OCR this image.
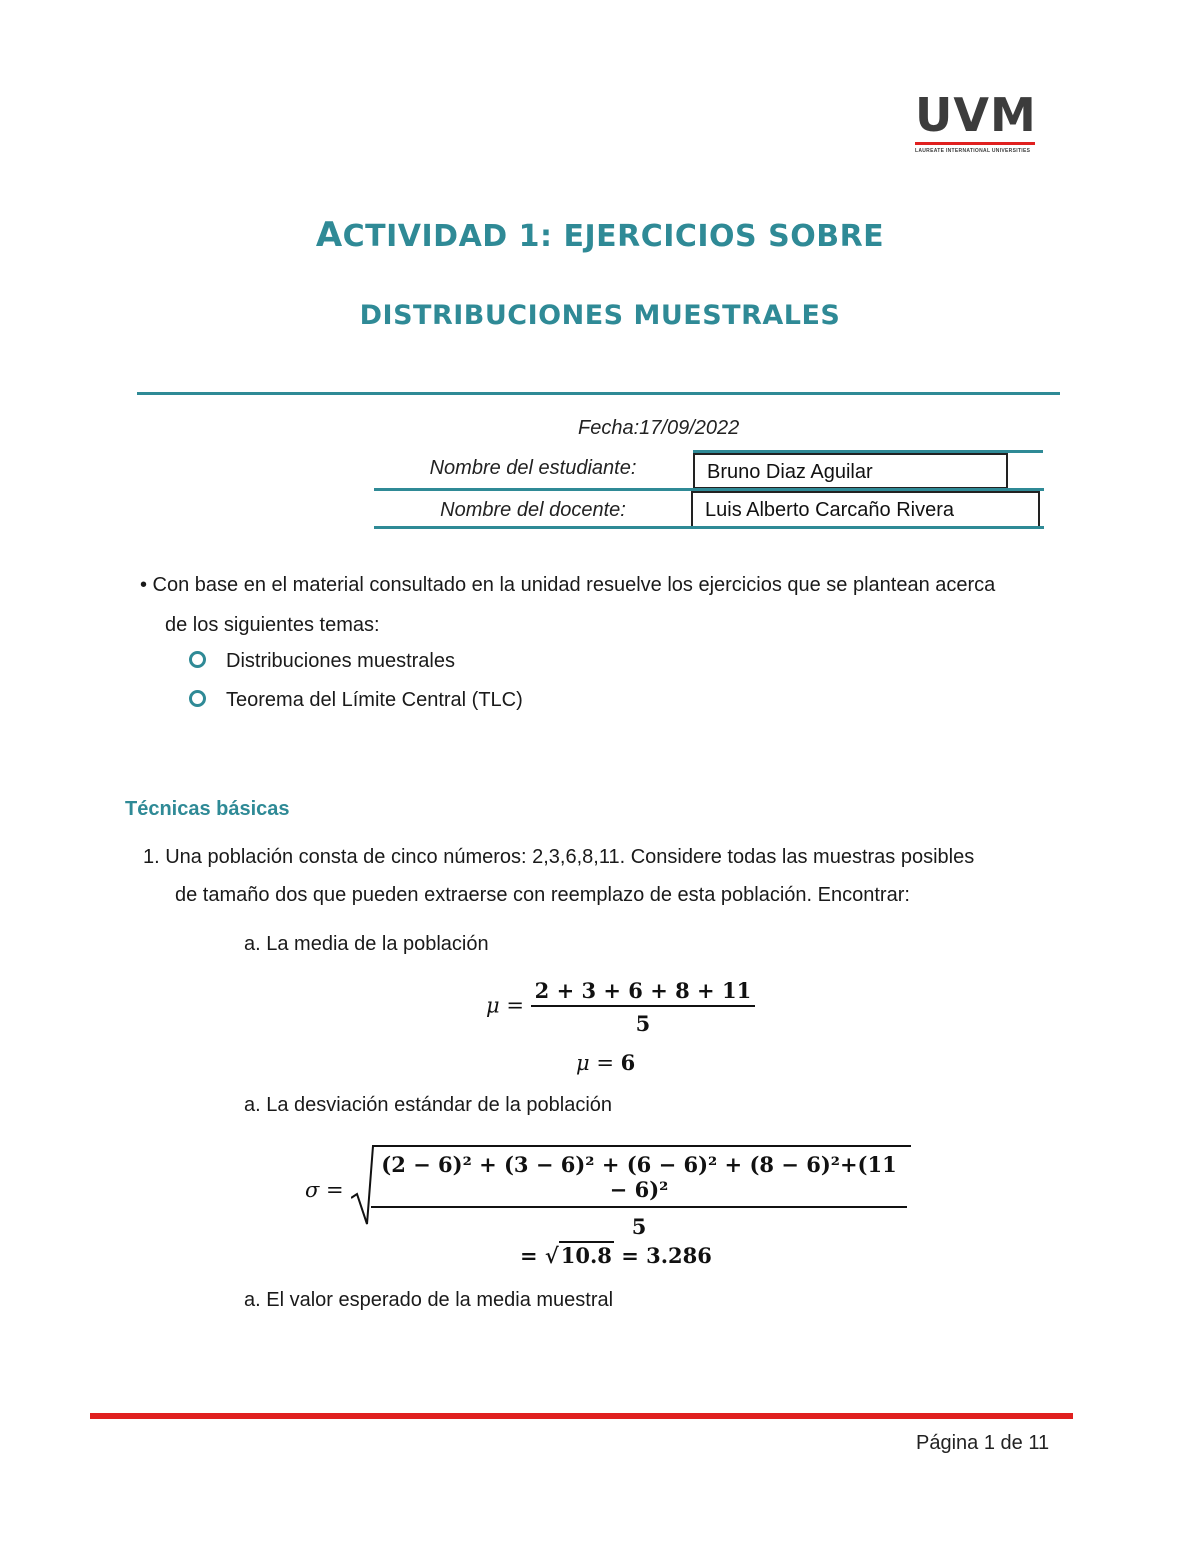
UVM
LAUREATE INTERNATIONAL UNIVERSITIES
ACTIVIDAD 1: EJERCICIOS SOBRE
DISTRIBUCIONES MUESTRALES
Fecha:17/09/2022
Nombre del estudiante:	Bruno Diaz Aguilar
Nombre del docente:	Luis Alberto Carcaño Rivera
• Con base en el material consultado en la unidad resuelve los ejercicios que se plantean acerca
de los siguientes temas:
Distribuciones muestrales
Teorema del Límite Central (TLC)
Técnicas básicas
1. Una población consta de cinco números: 2,3,6,8,11. Considere todas las muestras posibles
de tamaño dos que pueden extraerse con reemplazo de esta población. Encontrar:
a. La media de la población
$\mu = \frac{2 + 3 + 6 + 8 + 11}{5}$
μ = 6
a. La desviación estándar de la población
$\sigma = \frac{\text{(2 − 6)² + (3 − 6)² + (6 − 6)² + (8 − 6)²+(11 − 6)²}}{5}$
= √10.8 = 3.286
a. El valor esperado de la media muestral
Página 1 de 11
